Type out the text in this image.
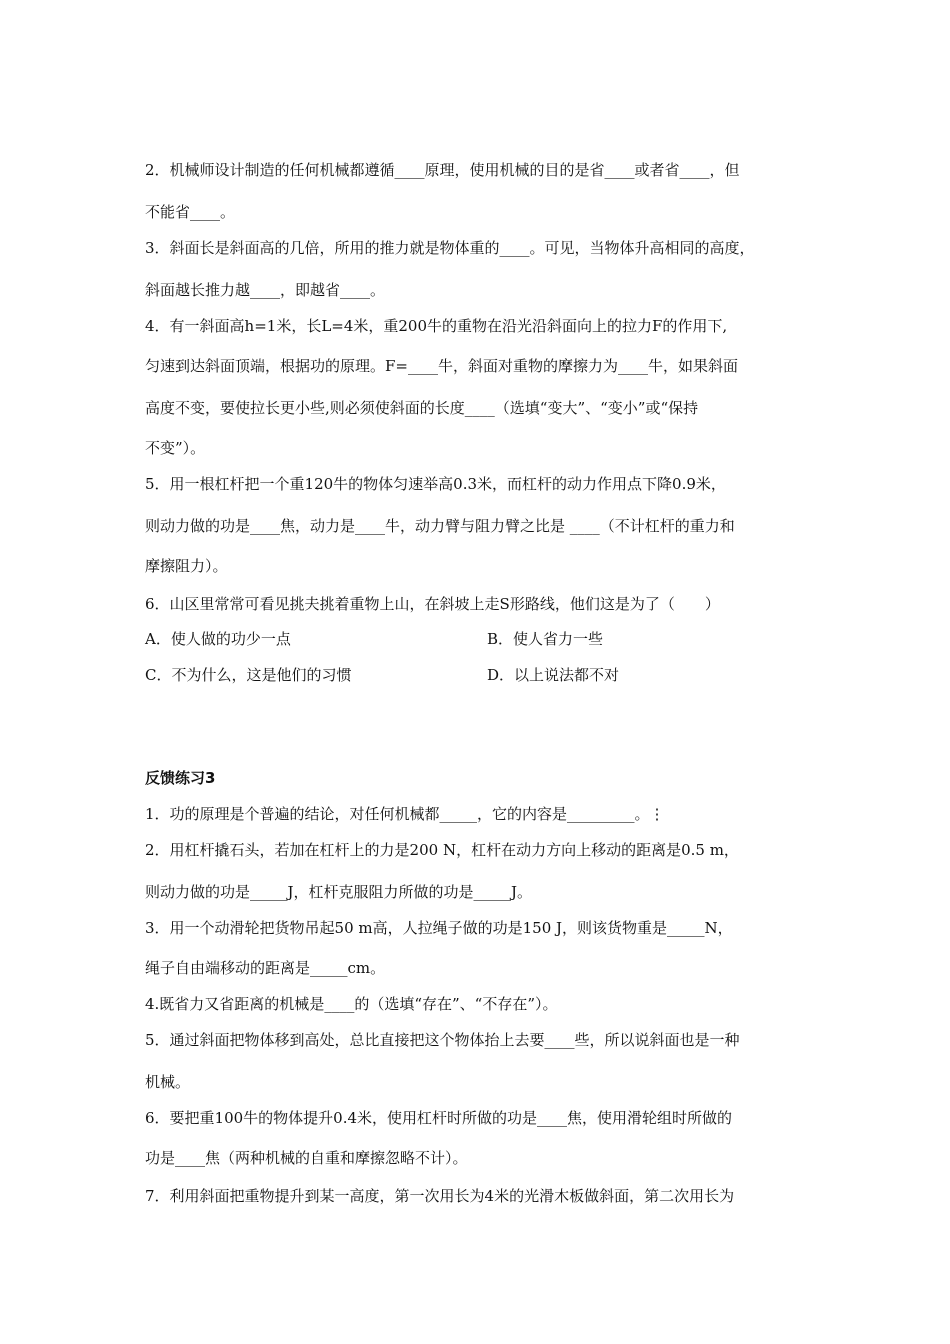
2．机械师设计制造的任何机械都遵循____原理，使用机械的目的是省____或者省____，但
不能省____。
3．斜面长是斜面高的几倍，所用的推力就是物体重的____。可见，当物体升高相同的高度，
斜面越长推力越____，即越省____。
4．有一斜面高h=1米，长L=4米，重200牛的重物在沿光沿斜面向上的拉力F的作用下,
匀速到达斜面顶端，根据功的原理。F=____牛，斜面对重物的摩擦力为____牛，如果斜面
高度不变，要使拉长更小些,则必须使斜面的长度____（选填“变大”、“变小”或“保持
不变”）。
5．用一根杠杆把一个重120牛的物体匀速举高0.3米，而杠杆的动力作用点下降0.9米，
则动力做的功是____焦，动力是____牛，动力臂与阻力臂之比是 ____（不计杠杆的重力和
摩擦阻力）。
6．山区里常常可看见挑夫挑着重物上山，在斜坡上走S形路线，他们这是为了（　　）
A．使人做的功少一点	B．使人省力一些
C．不为什么，这是他们的习惯	D．以上说法都不对
反馈练习3
1．功的原理是个普遍的结论，对任何机械都_____，它的内容是_________。⋮
2．用杠杆撬石头，若加在杠杆上的力是200 N，杠杆在动力方向上移动的距离是0.5 m，
则动力做的功是_____J，杠杆克服阻力所做的功是_____J。
3．用一个动滑轮把货物吊起50 m高，人拉绳子做的功是150 J，则该货物重是_____N，
绳子自由端移动的距离是_____cm。
4.既省力又省距离的机械是____的（选填“存在”、“不存在”）。
5．通过斜面把物体移到高处，总比直接把这个物体抬上去要____些，所以说斜面也是一种
机械。
6．要把重100牛的物体提升0.4米，使用杠杆时所做的功是____焦，使用滑轮组时所做的
功是____焦（两种机械的自重和摩擦忽略不计）。
7．利用斜面把重物提升到某一高度，第一次用长为4米的光滑木板做斜面，第二次用长为
